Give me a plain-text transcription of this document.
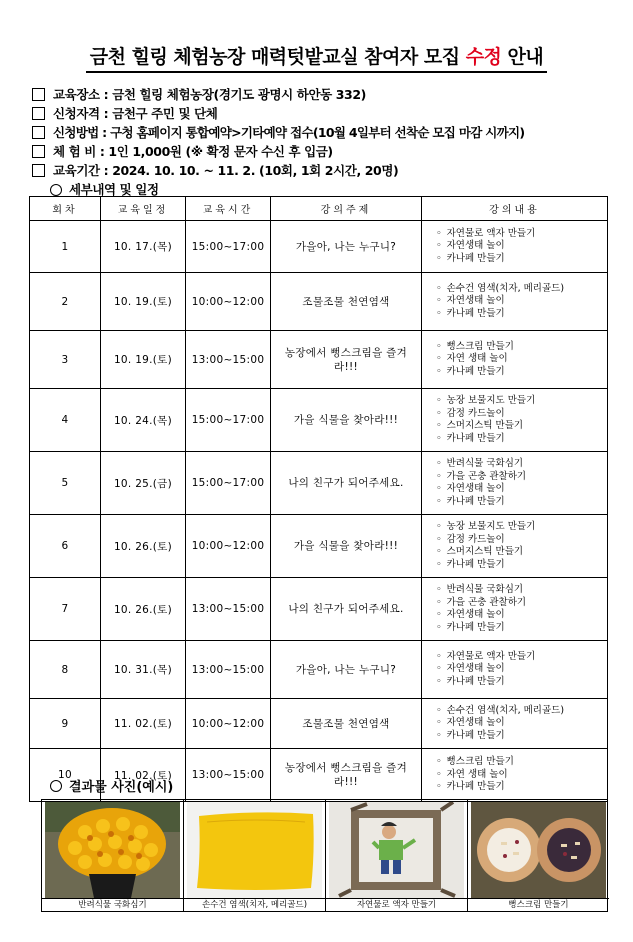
금천 힐링 체험농장 매력텃밭교실 참여자 모집 수정 안내
교육장소 : 금천 힐링 체험농장(경기도 광명시 하안동 332)
신청자격 : 금천구 주민 및 단체
신청방법 : 구청 홈페이지 통합예약>기타예약 접수(10월 4일부터 선착순 모집 마감 시까지)
체 험 비 : 1인 1,000원 (※ 확정 문자 수신 후 입금)
교육기간 : 2024. 10. 10. ~ 11. 2. (10회, 1회 2시간, 20명)
세부내역 및 일정
회차	교육일정	교육시간	강의주제	강의내용
1	10. 17.(목)	15:00~17:00	가을아, 나는 누구니?	◦ 자연물로 액자 만들기
◦ 자연생태 놀이
◦ 카나페 만들기

2	10. 19.(토)	10:00~12:00	조물조물 천연염색	◦ 손수건 염색(치자, 메리골드)
◦ 자연생태 놀이
◦ 카나페 만들기

3	10. 19.(토)	13:00~15:00	농장에서 뻥스크림을 즐겨라!!!	◦ 뻥스크림 만들기
◦ 자연 생태 놀이
◦ 카나페 만들기

4	10. 24.(목)	15:00~17:00	가을 식물을 찾아라!!!	◦ 농장 보물지도 만들기
◦ 감정 카드놀이
◦ 스머지스틱 만들기
◦ 카나페 만들기

5	10. 25.(금)	15:00~17:00	나의 친구가 되어주세요.	◦ 반려식물 국화심기
◦ 가을 곤충 관찰하기
◦ 자연생태 놀이
◦ 카나페 만들기

6	10. 26.(토)	10:00~12:00	가을 식물을 찾아라!!!	◦ 농장 보물지도 만들기
◦ 감정 카드놀이
◦ 스머지스틱 만들기
◦ 카나페 만들기

7	10. 26.(토)	13:00~15:00	나의 친구가 되어주세요.	◦ 반려식물 국화심기
◦ 가을 곤충 관찰하기
◦ 자연생태 놀이
◦ 카나페 만들기

8	10. 31.(목)	13:00~15:00	가을아, 나는 누구니?	◦ 자연물로 액자 만들기
◦ 자연생태 놀이
◦ 카나페 만들기

9	11. 02.(토)	10:00~12:00	조물조물 천연염색	◦ 손수건 염색(치자, 메리골드)
◦ 자연생태 놀이
◦ 카나페 만들기

10	11. 02.(토)	13:00~15:00	농장에서 뻥스크림을 즐겨라!!!	◦ 뻥스크림 만들기
◦ 자연 생태 놀이
◦ 카나페 만들기
결과물 사진(예시)
반려식물 국화심기	손수건 염색(치자, 메리골드)	자연물로 액자 만들기	뻥스크림 만들기
